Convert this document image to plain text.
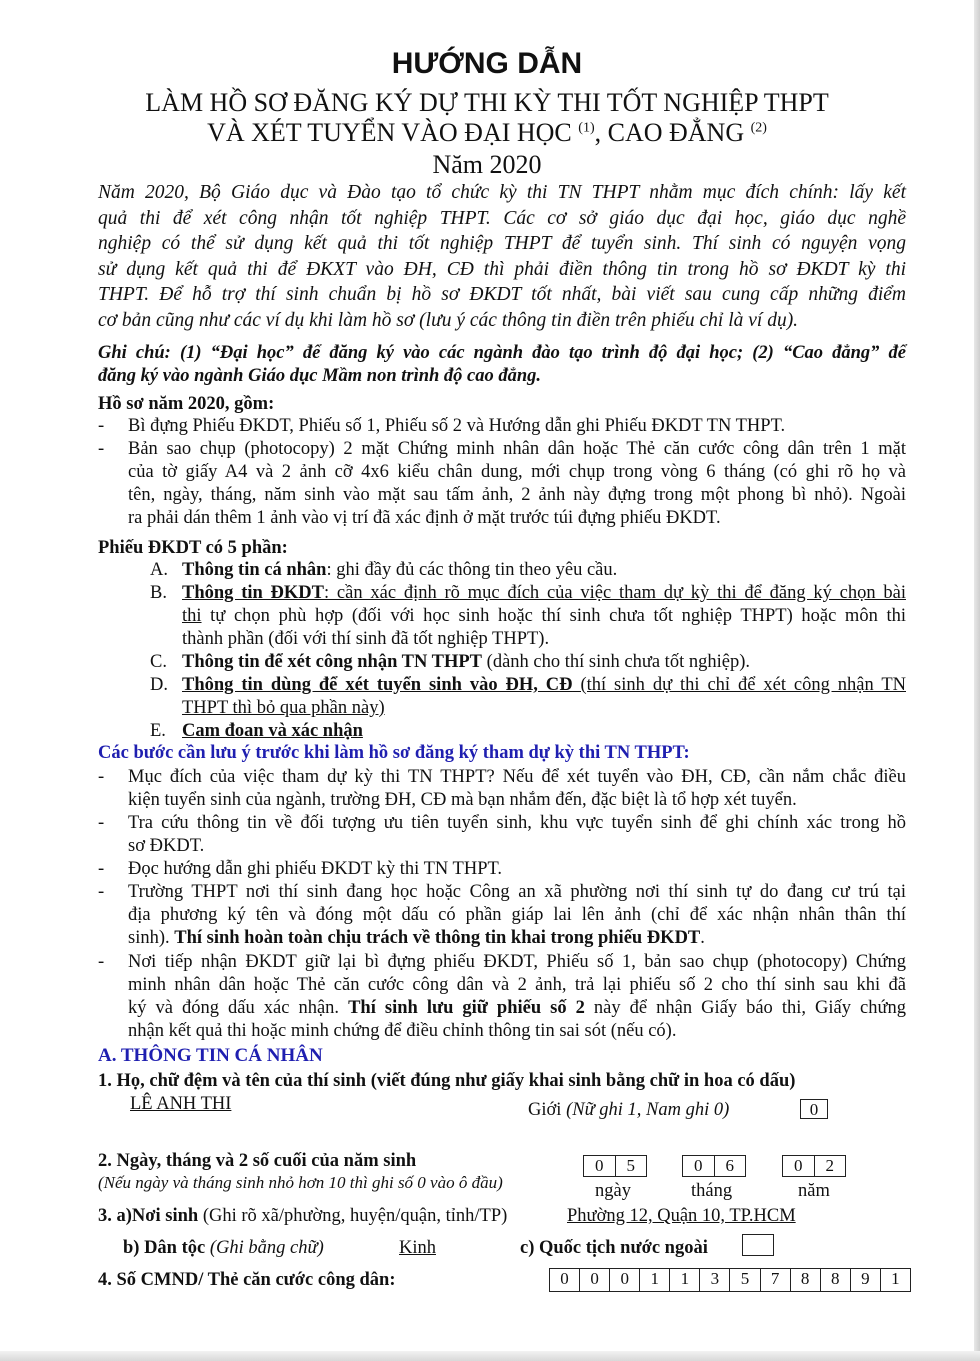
HƯỚNG DẪN
LÀM HỒ SƠ ĐĂNG KÝ DỰ THI KỲ THI TỐT NGHIỆP THPT
VÀ XÉT TUYỂN VÀO ĐẠI HỌC $^{(1)}$, CAO ĐẲNG $^{(2)}$
Năm 2020
Năm 2020, Bộ Giáo dục và Đào tạo tổ chức kỳ thi TN THPT nhằm mục đích chính: lấy kết
quả thi để xét công nhận tốt nghiệp THPT. Các cơ sở giáo dục đại học, giáo dục nghề
nghiệp có thể sử dụng kết quả thi tốt nghiệp THPT để tuyển sinh. Thí sinh có nguyện vọng
sử dụng kết quả thi để ĐKXT vào ĐH, CĐ thì phải điền thông tin trong hồ sơ ĐKDT kỳ thi
THPT. Để hỗ trợ thí sinh chuẩn bị hồ sơ ĐKDT tốt nhất, bài viết sau cung cấp những điểm
cơ bản cũng như các ví dụ khi làm hồ sơ (lưu ý các thông tin điền trên phiếu chỉ là ví dụ).
Ghi chú: (1) “Đại học” để đăng ký vào các ngành đào tạo trình độ đại học; (2) “Cao đẳng” để
đăng ký vào ngành Giáo dục Mầm non trình độ cao đẳng.
Hồ sơ năm 2020, gồm:
- Bì đựng Phiếu ĐKDT, Phiếu số 1, Phiếu số 2 và Hướng dẫn ghi Phiếu ĐKDT TN THPT.
- Bản sao chụp (photocopy) 2 mặt Chứng minh nhân dân hoặc Thẻ căn cước công dân trên 1 mặt
của tờ giấy A4 và 2 ảnh cỡ 4x6 kiểu chân dung, mới chụp trong vòng 6 tháng (có ghi rõ họ và
tên, ngày, tháng, năm sinh vào mặt sau tấm ảnh, 2 ảnh này đựng trong một phong bì nhỏ). Ngoài
ra phải dán thêm 1 ảnh vào vị trí đã xác định ở mặt trước túi đựng phiếu ĐKDT.
Phiếu ĐKDT có 5 phần:
A. Thông tin cá nhân: ghi đầy đủ các thông tin theo yêu cầu.
B. Thông tin ĐKDT: cần xác định rõ mục đích của việc tham dự kỳ thi để đăng ký chọn bài
thi tự chọn phù hợp (đối với học sinh hoặc thí sinh chưa tốt nghiệp THPT) hoặc môn thi
thành phần (đối với thí sinh đã tốt nghiệp THPT).
C. Thông tin để xét công nhận TN THPT (dành cho thí sinh chưa tốt nghiệp).
D. Thông tin dùng để xét tuyển sinh vào ĐH, CĐ (thí sinh dự thi chỉ để xét công nhận TN
THPT thì bỏ qua phần này)
E. Cam đoan và xác nhận
Các bước cần lưu ý trước khi làm hồ sơ đăng ký tham dự kỳ thi TN THPT:
- Mục đích của việc tham dự kỳ thi TN THPT? Nếu để xét tuyển vào ĐH, CĐ, cần nắm chắc điều
kiện tuyển sinh của ngành, trường ĐH, CĐ mà bạn nhắm đến, đặc biệt là tổ hợp xét tuyển.
- Tra cứu thông tin về đối tượng ưu tiên tuyển sinh, khu vực tuyển sinh để ghi chính xác trong hồ
sơ ĐKDT.
- Đọc hướng dẫn ghi phiếu ĐKDT kỳ thi TN THPT.
- Trường THPT nơi thí sinh đang học hoặc Công an xã phường nơi thí sinh tự do đang cư trú tại
địa phương ký tên và đóng một dấu có phần giáp lai lên ảnh (chỉ để xác nhận nhân thân thí
sinh). Thí sinh hoàn toàn chịu trách về thông tin khai trong phiếu ĐKDT.
- Nơi tiếp nhận ĐKDT giữ lại bì đựng phiếu ĐKDT, Phiếu số 1, bản sao chụp (photocopy) Chứng
minh nhân dân hoặc Thẻ căn cước công dân và 2 ảnh, trả lại phiếu số 2 cho thí sinh sau khi đã
ký và đóng dấu xác nhận. Thí sinh lưu giữ phiếu số 2 này để nhận Giấy báo thi, Giấy chứng
nhận kết quả thi hoặc minh chứng để điều chỉnh thông tin sai sót (nếu có).
A. THÔNG TIN CÁ NHÂN
1. Họ, chữ đệm và tên của thí sinh (viết đúng như giấy khai sinh bằng chữ in hoa có dấu)
LÊ ANH THI	Giới (Nữ ghi 1, Nam ghi 0)	0
2. Ngày, tháng và 2 số cuối của năm sinh
(Nếu ngày và tháng sinh nhỏ hơn 10 thì ghi số 0 vào ô đầu)
0	5	0	6	0	2
ngày	tháng	năm
3. a)Nơi sinh (Ghi rõ xã/phường, huyện/quận, tỉnh/TP)	Phường 12, Quận 10, TP.HCM
b) Dân tộc (Ghi bằng chữ)	Kinh	c) Quốc tịch nước ngoài
4. Số CMND/ Thẻ căn cước công dân:	0	0	0	1	1	3	5	7	8	8	9	1
